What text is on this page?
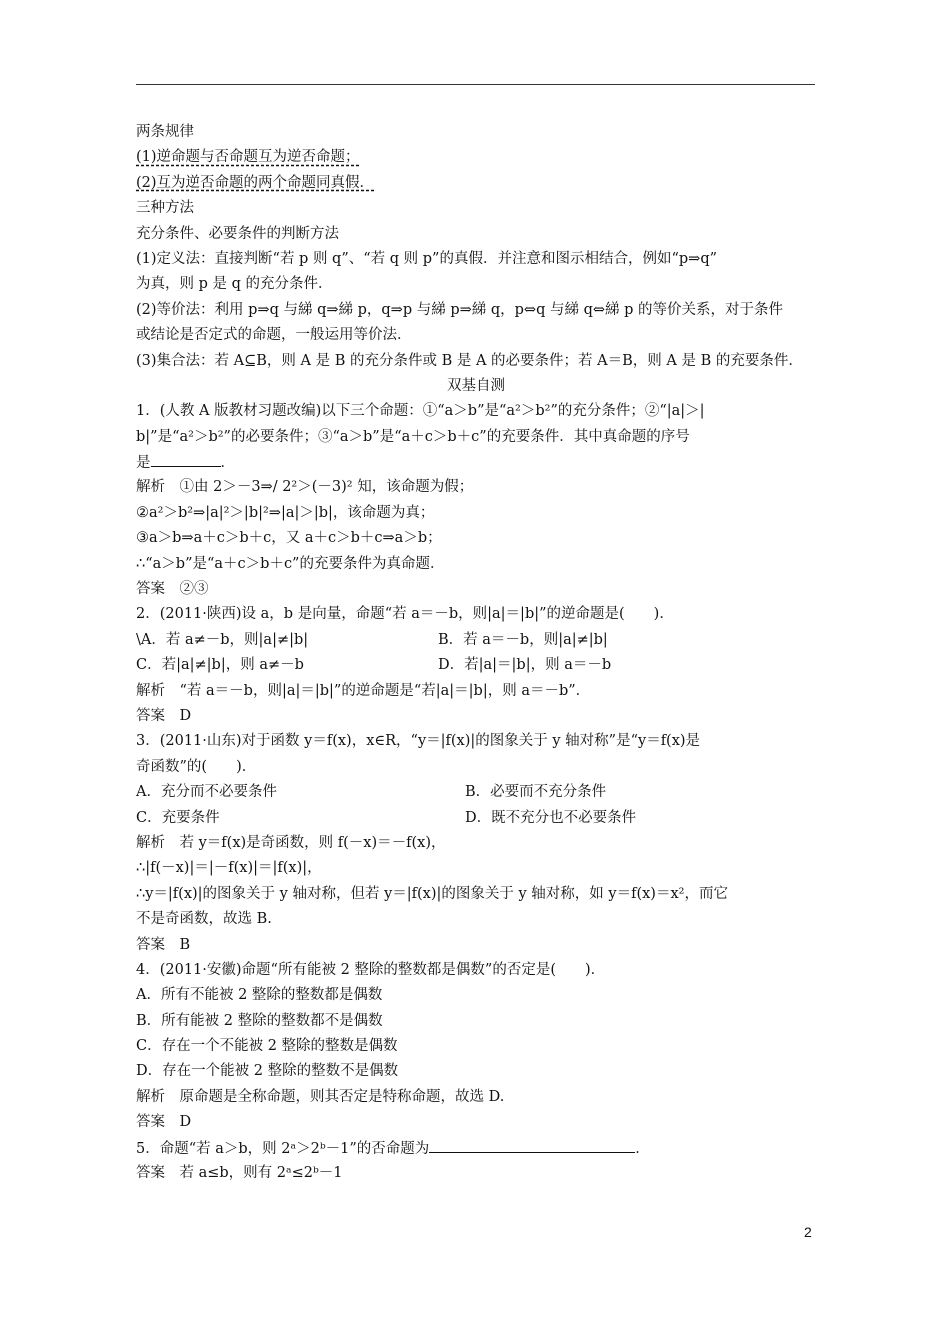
两条规律
(1)逆命题与否命题互为逆否命题；
(2)互为逆否命题的两个命题同真假．
三种方法
充分条件、必要条件的判断方法
(1)定义法：直接判断“若 p 则 q”、“若 q 则 p”的真假．并注意和图示相结合，例如“p⇒q”
为真，则 p 是 q 的充分条件．
(2)等价法：利用 p⇒q 与綈 q⇒綈 p，q⇒p 与綈 p⇒綈 q，p⇔q 与綈 q⇔綈 p 的等价关系，对于条件
或结论是否定式的命题，一般运用等价法．
(3)集合法：若 A⊆B，则 A 是 B 的充分条件或 B 是 A 的必要条件；若 A＝B，则 A 是 B 的充要条件．
双基自测
1．(人教 A 版教材习题改编)以下三个命题：①“a＞b”是“a²＞b²”的充分条件；②“|a|＞|
b|”是“a²＞b²”的必要条件；③“a＞b”是“a＋c＞b＋c”的充要条件．其中真命题的序号
是	．
解析　①由 2＞－3⇒/ 2²＞(－3)² 知，该命题为假；
②a²＞b²⇒|a|²＞|b|²⇒|a|＞|b|，该命题为真；
③a＞b⇒a＋c＞b＋c，又 a＋c＞b＋c⇒a＞b；
∴“a＞b”是“a＋c＞b＋c”的充要条件为真命题．
答案　②③
2．(2011·陕西)设 a，b 是向量，命题“若 a＝－b，则|a|＝|b|”的逆命题是(　　)．
\A．若 a≠－b，则|a|≠|b|	B．若 a＝－b，则|a|≠|b|
C．若|a|≠|b|，则 a≠－b	D．若|a|＝|b|，则 a＝－b
解析　“若 a＝－b，则|a|＝|b|”的逆命题是“若|a|＝|b|，则 a＝－b”．
答案　D
3．(2011·山东)对于函数 y＝f(x)，x∈R，“y＝|f(x)|的图象关于 y 轴对称”是“y＝f(x)是
奇函数”的(　　)．
A．充分而不必要条件	B．必要而不充分条件
C．充要条件	D．既不充分也不必要条件
解析　若 y＝f(x)是奇函数，则 f(－x)＝－f(x)，
∴|f(－x)|＝|－f(x)|＝|f(x)|，
∴y＝|f(x)|的图象关于 y 轴对称，但若 y＝|f(x)|的图象关于 y 轴对称，如 y＝f(x)＝x²，而它
不是奇函数，故选 B.
答案　B
4．(2011·安徽)命题“所有能被 2 整除的整数都是偶数”的否定是(　　)．
A．所有不能被 2 整除的整数都是偶数
B．所有能被 2 整除的整数都不是偶数
C．存在一个不能被 2 整除的整数是偶数
D．存在一个能被 2 整除的整数不是偶数
解析　原命题是全称命题，则其否定是特称命题，故选 D.
答案　D
5．命题“若 a＞b，则 2ᵃ＞2ᵇ－1”的否命题为	．
答案　若 a≤b，则有 2ᵃ≤2ᵇ－1
2
